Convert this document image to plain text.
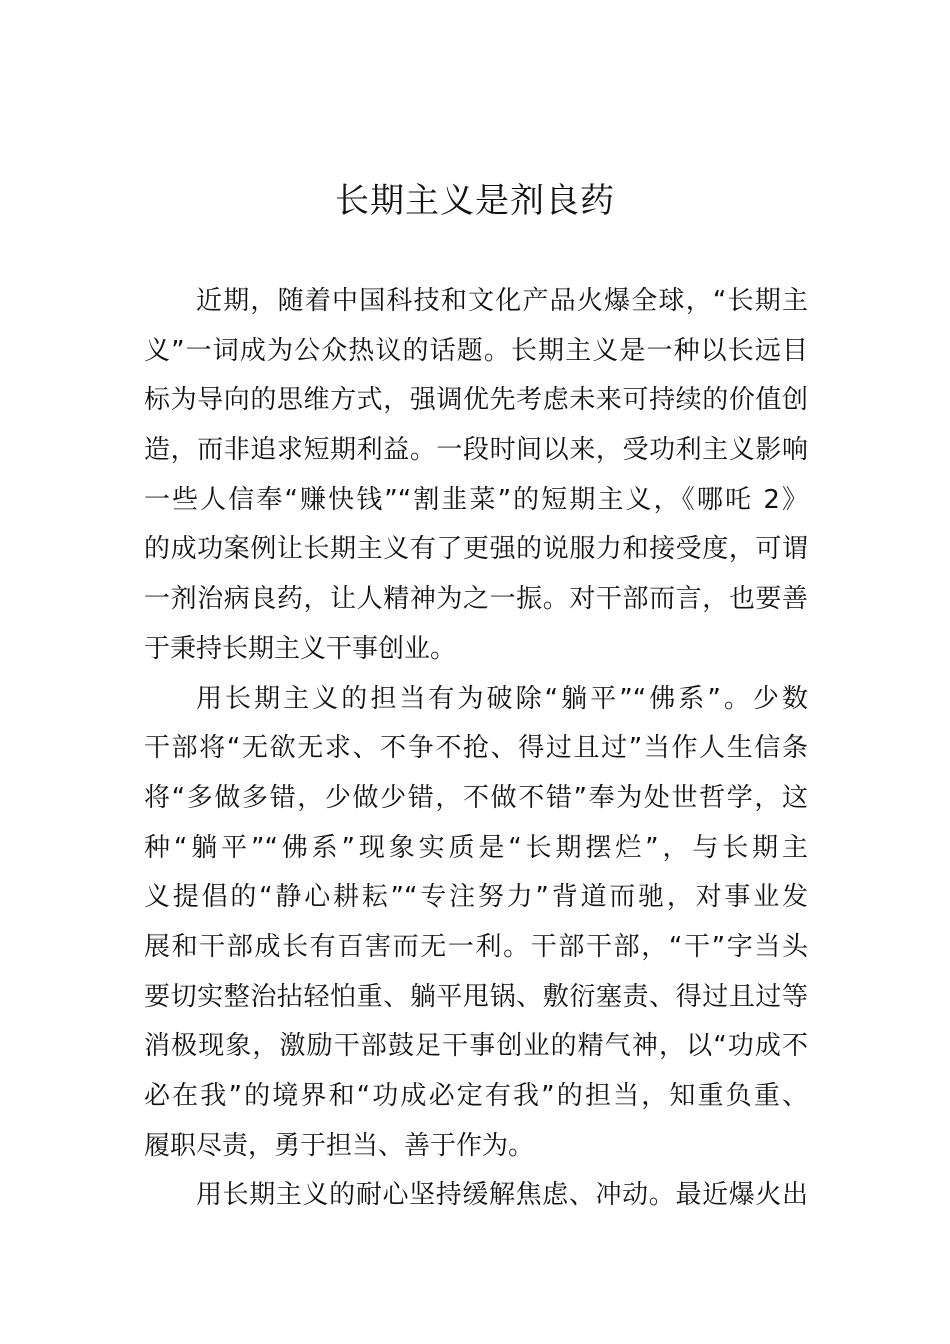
长期主义是剂良药
近期，随着中国科技和文化产品火爆全球，“长期主
义”一词成为公众热议的话题。长期主义是一种以长远目
标为导向的思维方式，强调优先考虑未来可持续的价值创
造，而非追求短期利益。一段时间以来，受功利主义影响
一些人信奉“赚快钱”“割韭菜”的短期主义，《哪吒 2》
的成功案例让长期主义有了更强的说服力和接受度，可谓
一剂治病良药，让人精神为之一振。对干部而言，也要善
于秉持长期主义干事创业。
用长期主义的担当有为破除“躺平”“佛系”。少数
干部将“无欲无求、不争不抢、得过且过”当作人生信条
将“多做多错，少做少错，不做不错”奉为处世哲学，这
种“躺平”“佛系”现象实质是“长期摆烂”，与长期主
义提倡的“静心耕耘”“专注努力”背道而驰，对事业发
展和干部成长有百害而无一利。干部干部，“干”字当头
要切实整治拈轻怕重、躺平甩锅、敷衍塞责、得过且过等
消极现象，激励干部鼓足干事创业的精气神，以“功成不
必在我”的境界和“功成必定有我”的担当，知重负重、
履职尽责，勇于担当、善于作为。
用长期主义的耐心坚持缓解焦虑、冲动。最近爆火出
